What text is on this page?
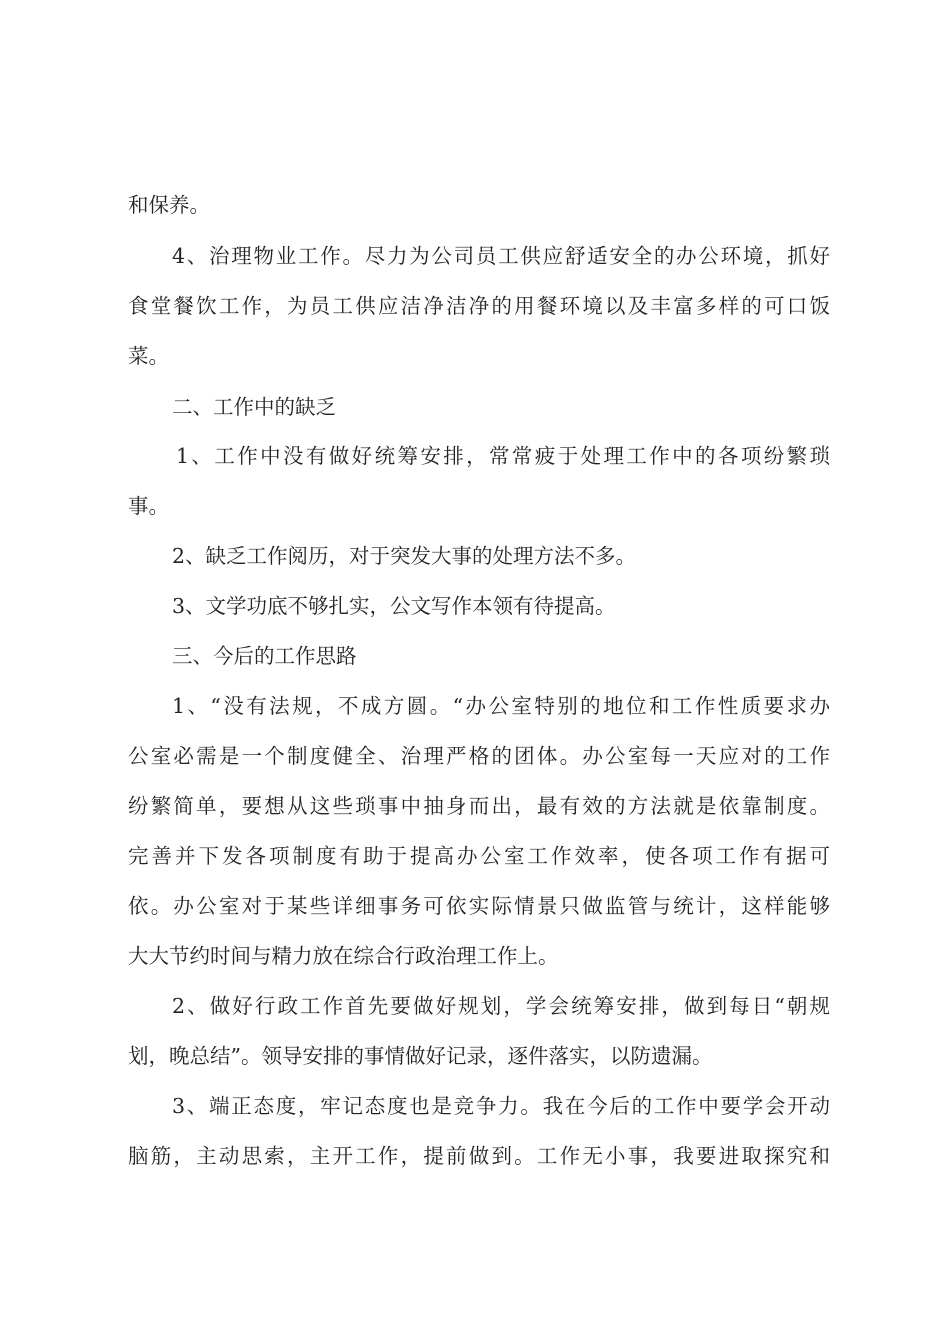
和保养。
4、治理物业工作。尽力为公司员工供应舒适安全的办公环境，抓好
食堂餐饮工作，为员工供应洁净洁净的用餐环境以及丰富多样的可口饭
菜。
二、工作中的缺乏
1、工作中没有做好统筹安排，常常疲于处理工作中的各项纷繁琐
事。
2、缺乏工作阅历，对于突发大事的处理方法不多。
3、文学功底不够扎实，公文写作本领有待提高。
三、今后的工作思路
1、“没有法规，不成方圆。“办公室特别的地位和工作性质要求办
公室必需是一个制度健全、治理严格的团体。办公室每一天应对的工作
纷繁简单，要想从这些琐事中抽身而出，最有效的方法就是依靠制度。
完善并下发各项制度有助于提高办公室工作效率，使各项工作有据可
依。办公室对于某些详细事务可依实际情景只做监管与统计，这样能够
大大节约时间与精力放在综合行政治理工作上。
2、做好行政工作首先要做好规划，学会统筹安排，做到每日“朝规
划，晚总结”。领导安排的事情做好记录，逐件落实，以防遗漏。
3、端正态度，牢记态度也是竞争力。我在今后的工作中要学会开动
脑筋，主动思索，主开工作，提前做到。工作无小事，我要进取探究和
